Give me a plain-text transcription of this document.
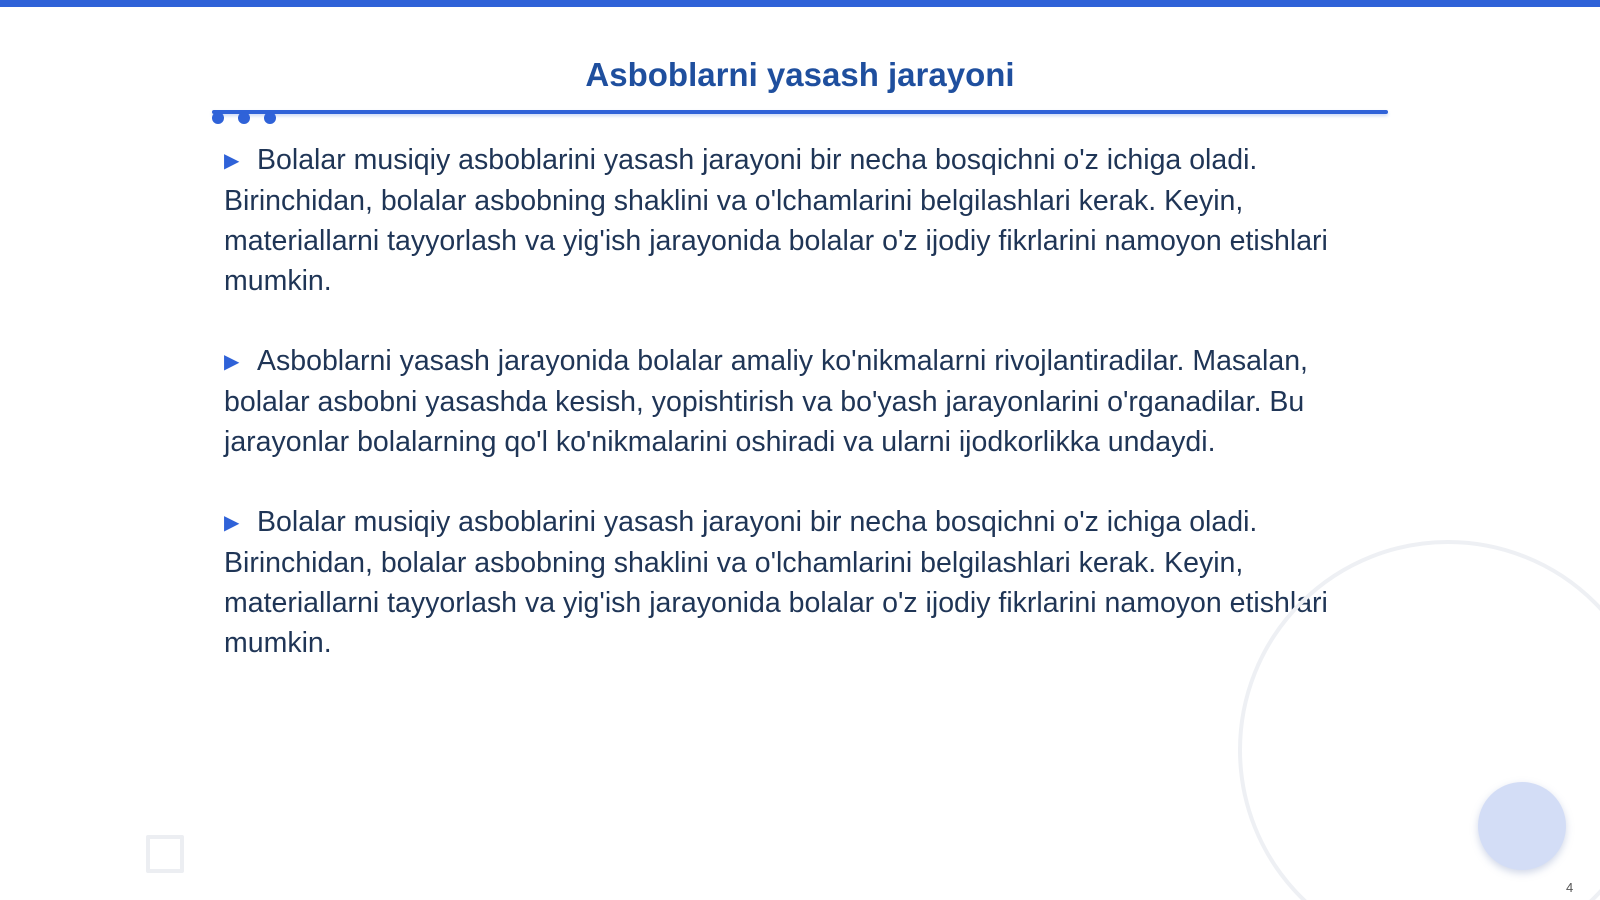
Asboblarni yasash jarayoni

▶ Bolalar musiqiy asboblarini yasash jarayoni bir necha bosqichni o'z ichiga oladi. Birinchidan, bolalar asbobning shaklini va o'lchamlarini belgilashlari kerak. Keyin, materiallarni tayyorlash va yig'ish jarayonida bolalar o'z ijodiy fikrlarini namoyon etishlari mumkin.

▶ Asboblarni yasash jarayonida bolalar amaliy ko'nikmalarni rivojlantiradilar. Masalan, bolalar asbobni yasashda kesish, yopishtirish va bo'yash jarayonlarini o'rganadilar. Bu jarayonlar bolalarning qo'l ko'nikmalarini oshiradi va ularni ijodkorlikka undaydi.

▶ Bolalar musiqiy asboblarini yasash jarayoni bir necha bosqichni o'z ichiga oladi. Birinchidan, bolalar asbobning shaklini va o'lchamlarini belgilashlari kerak. Keyin, materiallarni tayyorlash va yig'ish jarayonida bolalar o'z ijodiy fikrlarini namoyon etishlari mumkin.

4
